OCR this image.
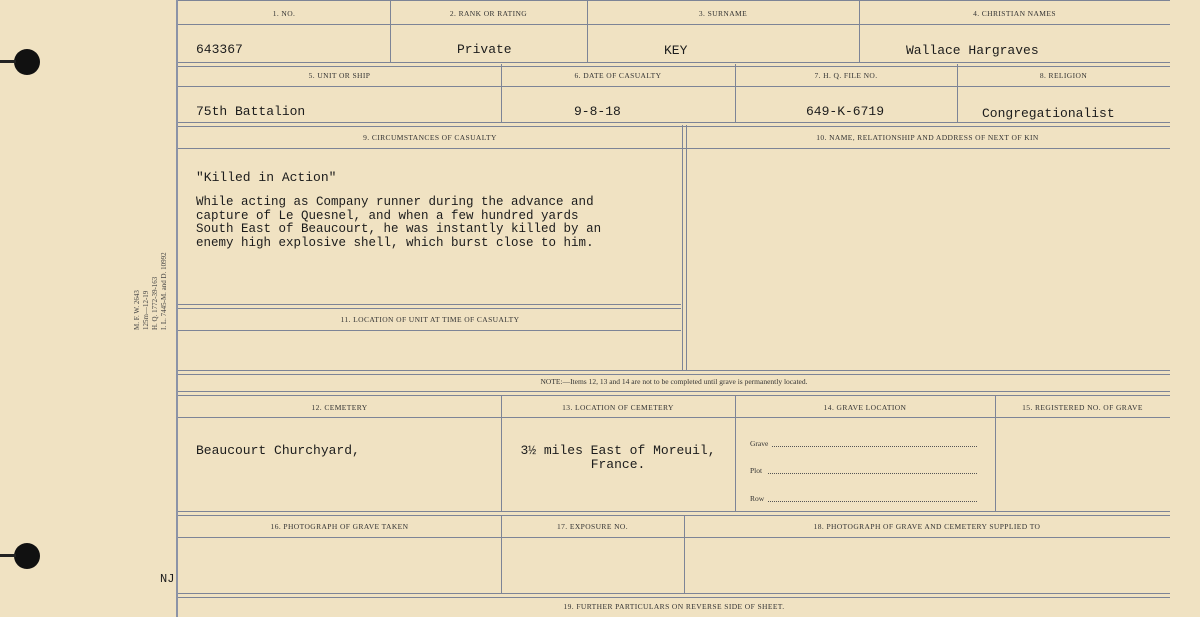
M. F. W. 2643 125m—12-19 H. Q. 1772-39-163 I. L. 7445-M. and D. 10992
NJ
1. NO.	2. RANK OR RATING	3. SURNAME	4. CHRISTIAN NAMES
643367	Private	KEY	Wallace Hargraves
5. UNIT OR SHIP	6. DATE OF CASUALTY	7. H. Q. FILE NO.	8. RELIGION
75th Battalion	9-8-18	649-K-6719	Congregationalist
9. CIRCUMSTANCES OF CASUALTY	10. NAME, RELATIONSHIP AND ADDRESS OF NEXT OF KIN
11. LOCATION OF UNIT AT TIME OF CASUALTY
"Killed in Action"
While acting as Company runner during the advance and
capture of Le Quesnel, and when a few hundred yards
South East of Beaucourt, he was instantly killed by an
enemy high explosive shell, which burst close to him.
NOTE:—Items 12, 13 and 14 are not to be completed until grave is permanently located.
12. CEMETERY	13. LOCATION OF CEMETERY	14. GRAVE LOCATION	15. REGISTERED NO. OF GRAVE
Beaucourt Churchyard,	3½ miles East of Moreuil,
France.
Grave
Plot
Row
16. PHOTOGRAPH OF GRAVE TAKEN	17. EXPOSURE NO.	18. PHOTOGRAPH OF GRAVE AND CEMETERY SUPPLIED TO
19. FURTHER PARTICULARS ON REVERSE SIDE OF SHEET.
